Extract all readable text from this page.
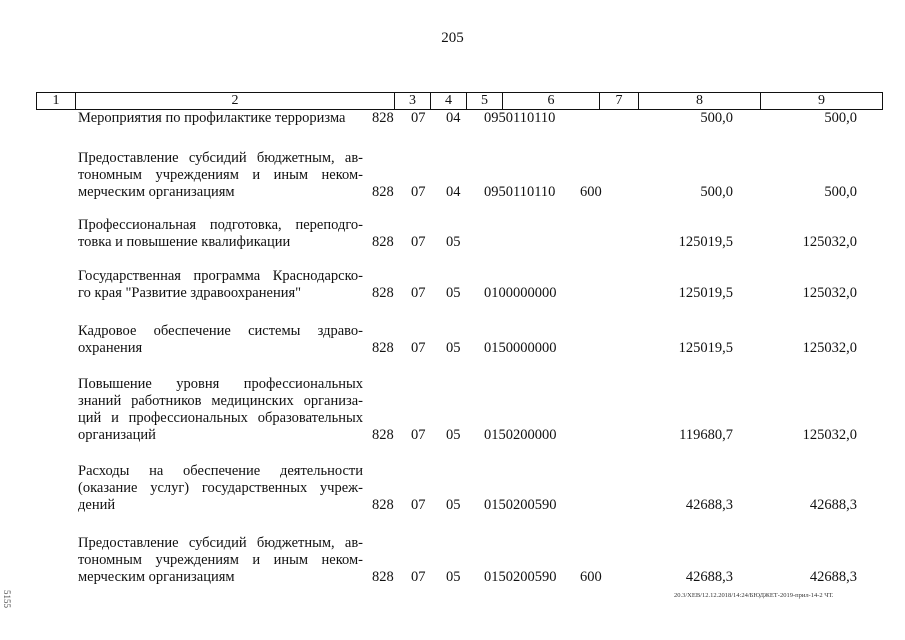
205
1	2	3	4	5	6	7	8	9
Мероприятия по профилактике терроризма	828 07 04 0950110110	500,0	500,0
Предоставление субсидий бюджетным, ав-
тономным учреждениям и иным неком-
мерческим организациям	828 07 04 0950110110 600	500,0	500,0
Профессиональная подготовка, переподго-
товка и повышение квалификации	828 07 05	125019,5	125032,0
Государственная программа Краснодарско-
го края "Развитие здравоохранения"	828 07 05 0100000000	125019,5	125032,0
Кадровое обеспечение системы здраво-
охранения	828 07 05 0150000000	125019,5	125032,0
Повышение уровня профессиональных
знаний работников медицинских организа-
ций и профессиональных образовательных
организаций	828 07 05 0150200000	119680,7	125032,0
Расходы на обеспечение деятельности
(оказание услуг) государственных учреж-
дений	828 07 05 0150200590	42688,3	42688,3
Предоставление субсидий бюджетным, ав-
тономным учреждениям и иным неком-
мерческим организациям	828 07 05 0150200590 600	42688,3	42688,3
20.3/ХЕВ/12.12.2018/14:24/БЮДЖЕТ-2019-прил-14-2 ЧТ.
5155
